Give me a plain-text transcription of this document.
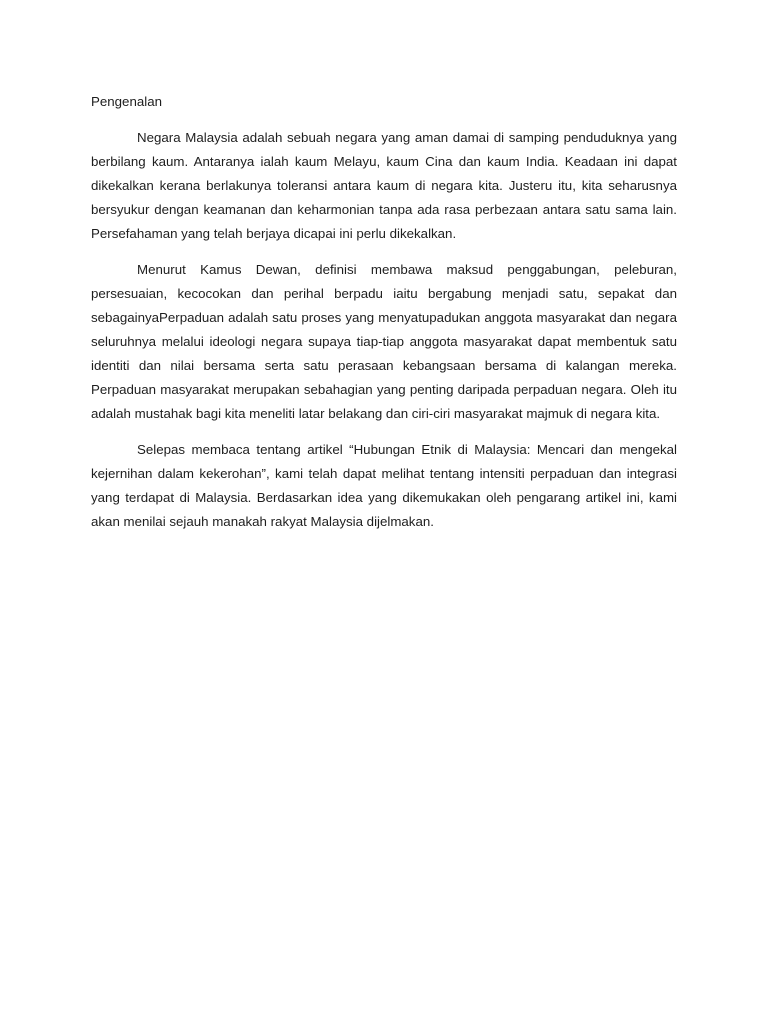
Pengenalan

Negara Malaysia adalah sebuah negara yang aman damai di samping penduduknya yang berbilang kaum. Antaranya ialah kaum Melayu, kaum Cina dan kaum India. Keadaan ini dapat dikekalkan kerana berlakunya toleransi antara kaum di negara kita. Justeru itu, kita seharusnya bersyukur dengan keamanan dan keharmonian tanpa ada rasa perbezaan antara satu sama lain. Persefahaman yang telah berjaya dicapai ini perlu dikekalkan.

Menurut Kamus Dewan, definisi membawa maksud penggabungan, peleburan, persesuaian, kecocokan dan perihal berpadu iaitu bergabung menjadi satu, sepakat dan sebagainyaPerpaduan adalah satu proses yang menyatupadukan anggota masyarakat dan negara seluruhnya melalui ideologi negara supaya tiap-tiap anggota masyarakat dapat membentuk satu identiti dan nilai bersama serta satu perasaan kebangsaan bersama di kalangan mereka. Perpaduan masyarakat merupakan sebahagian yang penting daripada perpaduan negara. Oleh itu adalah mustahak bagi kita meneliti latar belakang dan ciri-ciri masyarakat majmuk di negara kita.

Selepas membaca tentang artikel “Hubungan Etnik di Malaysia: Mencari dan mengekal kejernihan dalam kekerohan”, kami telah dapat melihat tentang intensiti perpaduan dan integrasi yang terdapat di Malaysia. Berdasarkan idea yang dikemukakan oleh pengarang artikel ini, kami akan menilai sejauh manakah rakyat Malaysia dijelmakan.
